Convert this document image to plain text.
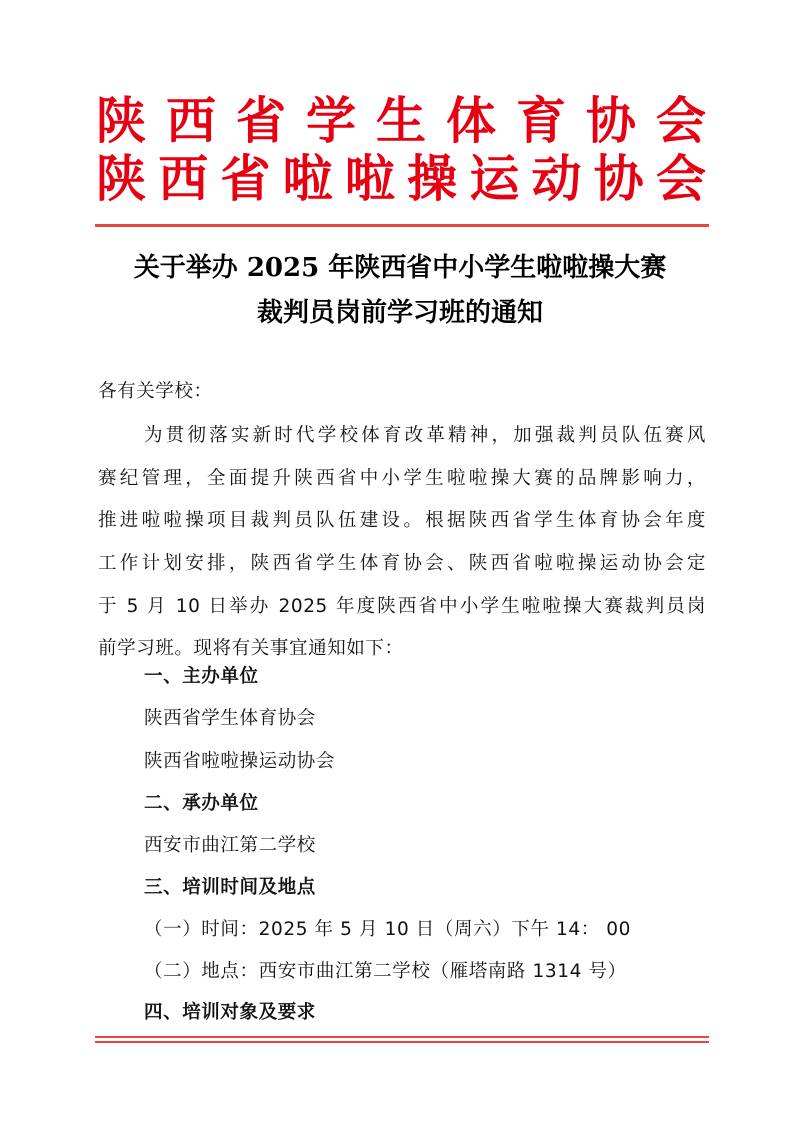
陕 西 省 学 生 体 育 协 会
陕 西 省 啦 啦 操 运 动 协 会
关于举办 2025 年陕西省中小学生啦啦操大赛
裁判员岗前学习班的通知
各有关学校：
为贯彻落实新时代学校体育改革精神，加强裁判员队伍赛风
赛纪管理，全面提升陕西省中小学生啦啦操大赛的品牌影响力，
推进啦啦操项目裁判员队伍建设。根据陕西省学生体育协会年度
工作计划安排，陕西省学生体育协会、陕西省啦啦操运动协会定
于 5 月 10 日举办 2025 年度陕西省中小学生啦啦操大赛裁判员岗
前学习班。现将有关事宜通知如下：
一、主办单位
陕西省学生体育协会
陕西省啦啦操运动协会
二、承办单位
西安市曲江第二学校
三、培训时间及地点
（一）时间：2025 年 5 月 10 日（周六）下午 14： 00
（二）地点：西安市曲江第二学校（雁塔南路 1314 号）
四、培训对象及要求
